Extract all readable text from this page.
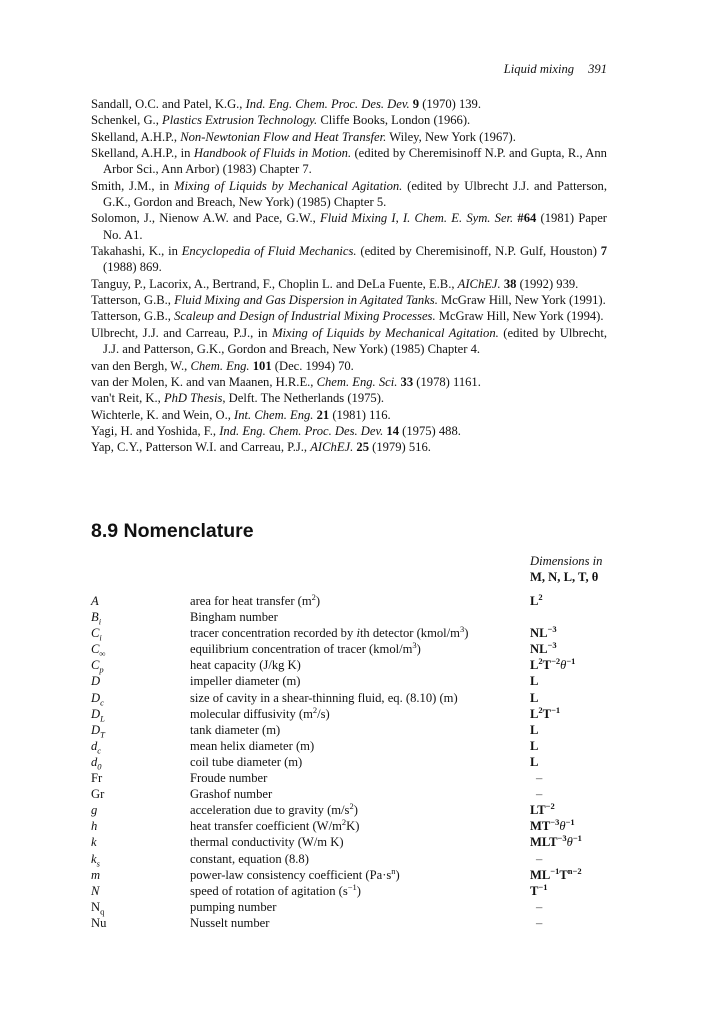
Liquid mixing 391
Sandall, O.C. and Patel, K.G., Ind. Eng. Chem. Proc. Des. Dev. 9 (1970) 139.
Schenkel, G., Plastics Extrusion Technology. Cliffe Books, London (1966).
Skelland, A.H.P., Non-Newtonian Flow and Heat Transfer. Wiley, New York (1967).
Skelland, A.H.P., in Handbook of Fluids in Motion. (edited by Cheremisinoff N.P. and Gupta, R., Ann Arbor Sci., Ann Arbor) (1983) Chapter 7.
Smith, J.M., in Mixing of Liquids by Mechanical Agitation. (edited by Ulbrecht J.J. and Patterson, G.K., Gordon and Breach, New York) (1985) Chapter 5.
Solomon, J., Nienow A.W. and Pace, G.W., Fluid Mixing I, I. Chem. E. Sym. Ser. #64 (1981) Paper No. A1.
Takahashi, K., in Encyclopedia of Fluid Mechanics. (edited by Cheremisinoff, N.P. Gulf, Houston) 7 (1988) 869.
Tanguy, P., Lacorix, A., Bertrand, F., Choplin L. and DeLa Fuente, E.B., AIChEJ. 38 (1992) 939.
Tatterson, G.B., Fluid Mixing and Gas Dispersion in Agitated Tanks. McGraw Hill, New York (1991).
Tatterson, G.B., Scaleup and Design of Industrial Mixing Processes. McGraw Hill, New York (1994).
Ulbrecht, J.J. and Carreau, P.J., in Mixing of Liquids by Mechanical Agitation. (edited by Ulbrecht, J.J. and Patterson, G.K., Gordon and Breach, New York) (1985) Chapter 4.
van den Bergh, W., Chem. Eng. 101 (Dec. 1994) 70.
van der Molen, K. and van Maanen, H.R.E., Chem. Eng. Sci. 33 (1978) 1161.
van't Reit, K., PhD Thesis, Delft. The Netherlands (1975).
Wichterle, K. and Wein, O., Int. Chem. Eng. 21 (1981) 116.
Yagi, H. and Yoshida, F., Ind. Eng. Chem. Proc. Des. Dev. 14 (1975) 488.
Yap, C.Y., Patterson W.I. and Carreau, P.J., AIChEJ. 25 (1979) 516.
8.9 Nomenclature
Dimensions in
M, N, L, T, θ
A	area for heat transfer $(m^2)$	$L^2$
$B_i$	Bingham number
$C_i$	tracer concentration recorded by ith detector $(kmol/m^3)$	$NL^{-3}$
$C_\infty$	equilibrium concentration of tracer $(kmol/m^3)$	$NL^{-3}$
$C_p$	heat capacity (J/kg K)	$L^2T^{-2}\theta^{-1}$
D	impeller diameter (m)	L
$D_c$	size of cavity in a shear-thinning fluid, eq. (8.10) (m)	L
$D_L$	molecular diffusivity $(m^2/s)$	$L^2T^{-1}$
$D_T$	tank diameter (m)	L
$d_c$	mean helix diameter (m)	L
$d_0$	coil tube diameter (m)	L
Fr	Froude number	–
Gr	Grashof number	–
g	acceleration due to gravity $(m/s^2)$	$LT^{-2}$
h	heat transfer coefficient $(W/m^2K)$	$MT^{-3}\theta^{-1}$
k	thermal conductivity (W/m K)	$MLT^{-3}\theta^{-1}$
$k_s$	constant, equation (8.8)	–
m	power-law consistency coefficient $(Pa\cdot s^n)$	$ML^{-1}T^{n-2}$
N	speed of rotation of agitation $(s^{-1})$	$T^{-1}$
$N_q$	pumping number	–
Nu	Nusselt number	–
